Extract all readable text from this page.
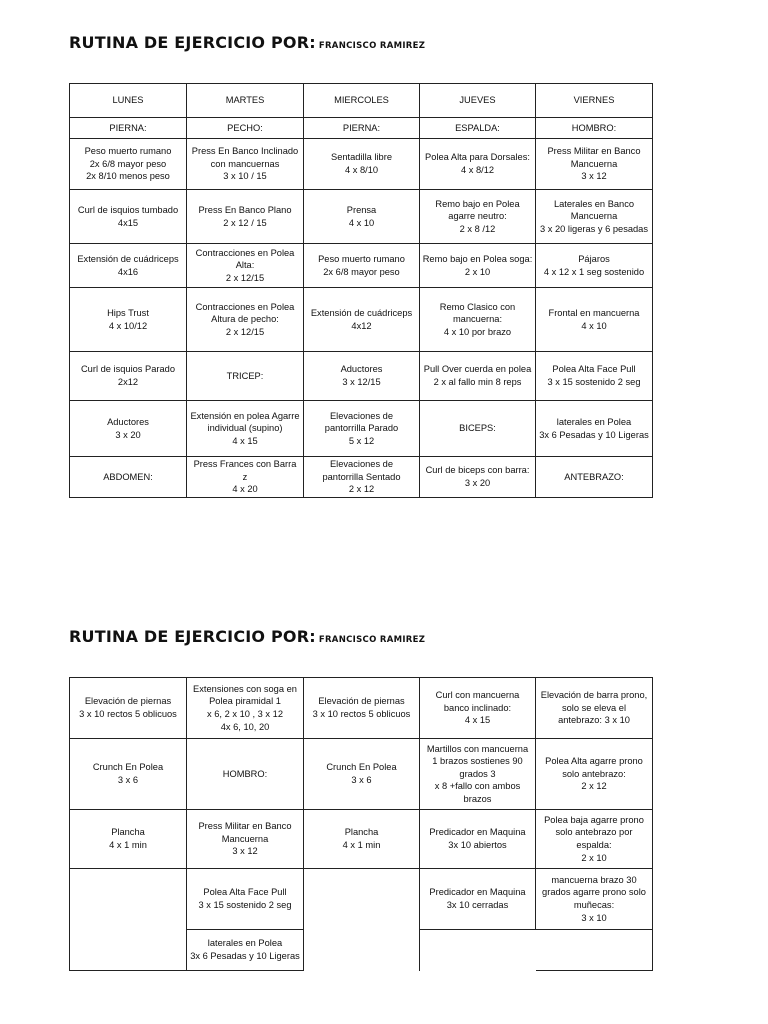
RUTINA DE EJERCICIO POR: FRANCISCO RAMIREZ
LUNES	MARTES	MIERCOLES	JUEVES	VIERNES

PIERNA:	PECHO:	PIERNA:	ESPALDA:	HOMBRO:

Peso muerto rumano
2x 6/8 mayor peso
2x 8/10 menos peso	Press En Banco Inclinado
con mancuernas
3 x 10 / 15	Sentadilla libre
4 x 8/10	Polea Alta para Dorsales:
4 x 8/12	Press Militar en Banco
Mancuerna
3 x 12

Curl de isquios tumbado
4x15	Press En Banco Plano
2 x 12 / 15	Prensa
4 x 10	Remo bajo en Polea
agarre neutro:
2 x 8 /12	Laterales en Banco
Mancuerna
3 x 20 ligeras y 6 pesadas

Extensión de cuádriceps
4x16	Contracciones en Polea
Alta:
2 x 12/15	Peso muerto rumano
2x 6/8 mayor peso	Remo bajo en Polea soga:
2 x 10	Pájaros
4 x 12 x 1 seg sostenido

Hips Trust
4 x 10/12	Contracciones en Polea
Altura de pecho:
2 x 12/15	Extensión de cuádriceps
4x12	Remo Clasico con
mancuerna:
4 x 10 por brazo	Frontal en mancuerna
4 x 10

Curl de isquios Parado
2x12	TRICEP:	Aductores
3 x 12/15	Pull Over cuerda en polea
2 x al fallo min 8 reps	Polea Alta Face Pull
3 x 15 sostenido 2 seg

Aductores
3 x 20	Extensión en polea Agarre
individual (supino)
4 x 15	Elevaciones de
pantorrilla Parado
5 x 12	BICEPS:	laterales en Polea
3x 6 Pesadas y 10 Ligeras

ABDOMEN:	Press Frances con Barra
z
4 x 20	Elevaciones de
pantorrilla Sentado
2 x 12	Curl de biceps con barra:
3 x 20	ANTEBRAZO:
RUTINA DE EJERCICIO POR: FRANCISCO RAMIREZ
Elevación de piernas
3 x 10 rectos 5 oblicuos	Extensiones con soga en
Polea piramidal 1
x 6, 2 x 10 , 3 x 12
4x 6, 10, 20	Elevación de piernas
3 x 10 rectos 5 oblicuos	Curl con mancuerna
banco inclinado:
4 x 15	Elevación de barra prono,
solo se eleva el
antebrazo: 3 x 10

Crunch En Polea
3 x 6	HOMBRO:	Crunch En Polea
3 x 6	Martillos con mancuerna
1 brazos sostienes 90
grados 3
x 8 +fallo con ambos
brazos	Polea Alta agarre prono
solo antebrazo:
2 x 12

Plancha
4 x 1 min	Press Militar en Banco
Mancuerna
3 x 12	Plancha
4 x 1 min	Predicador en Maquina
3x 10 abiertos	Polea baja agarre prono
solo antebrazo por
espalda:
2 x 10

	Polea Alta Face Pull
3 x 15 sostenido 2 seg		Predicador en Maquina
3x 10 cerradas	mancuerna brazo 30
grados agarre prono solo
muñecas:
3 x 10

	laterales en Polea
3x 6 Pesadas y 10 Ligeras			
